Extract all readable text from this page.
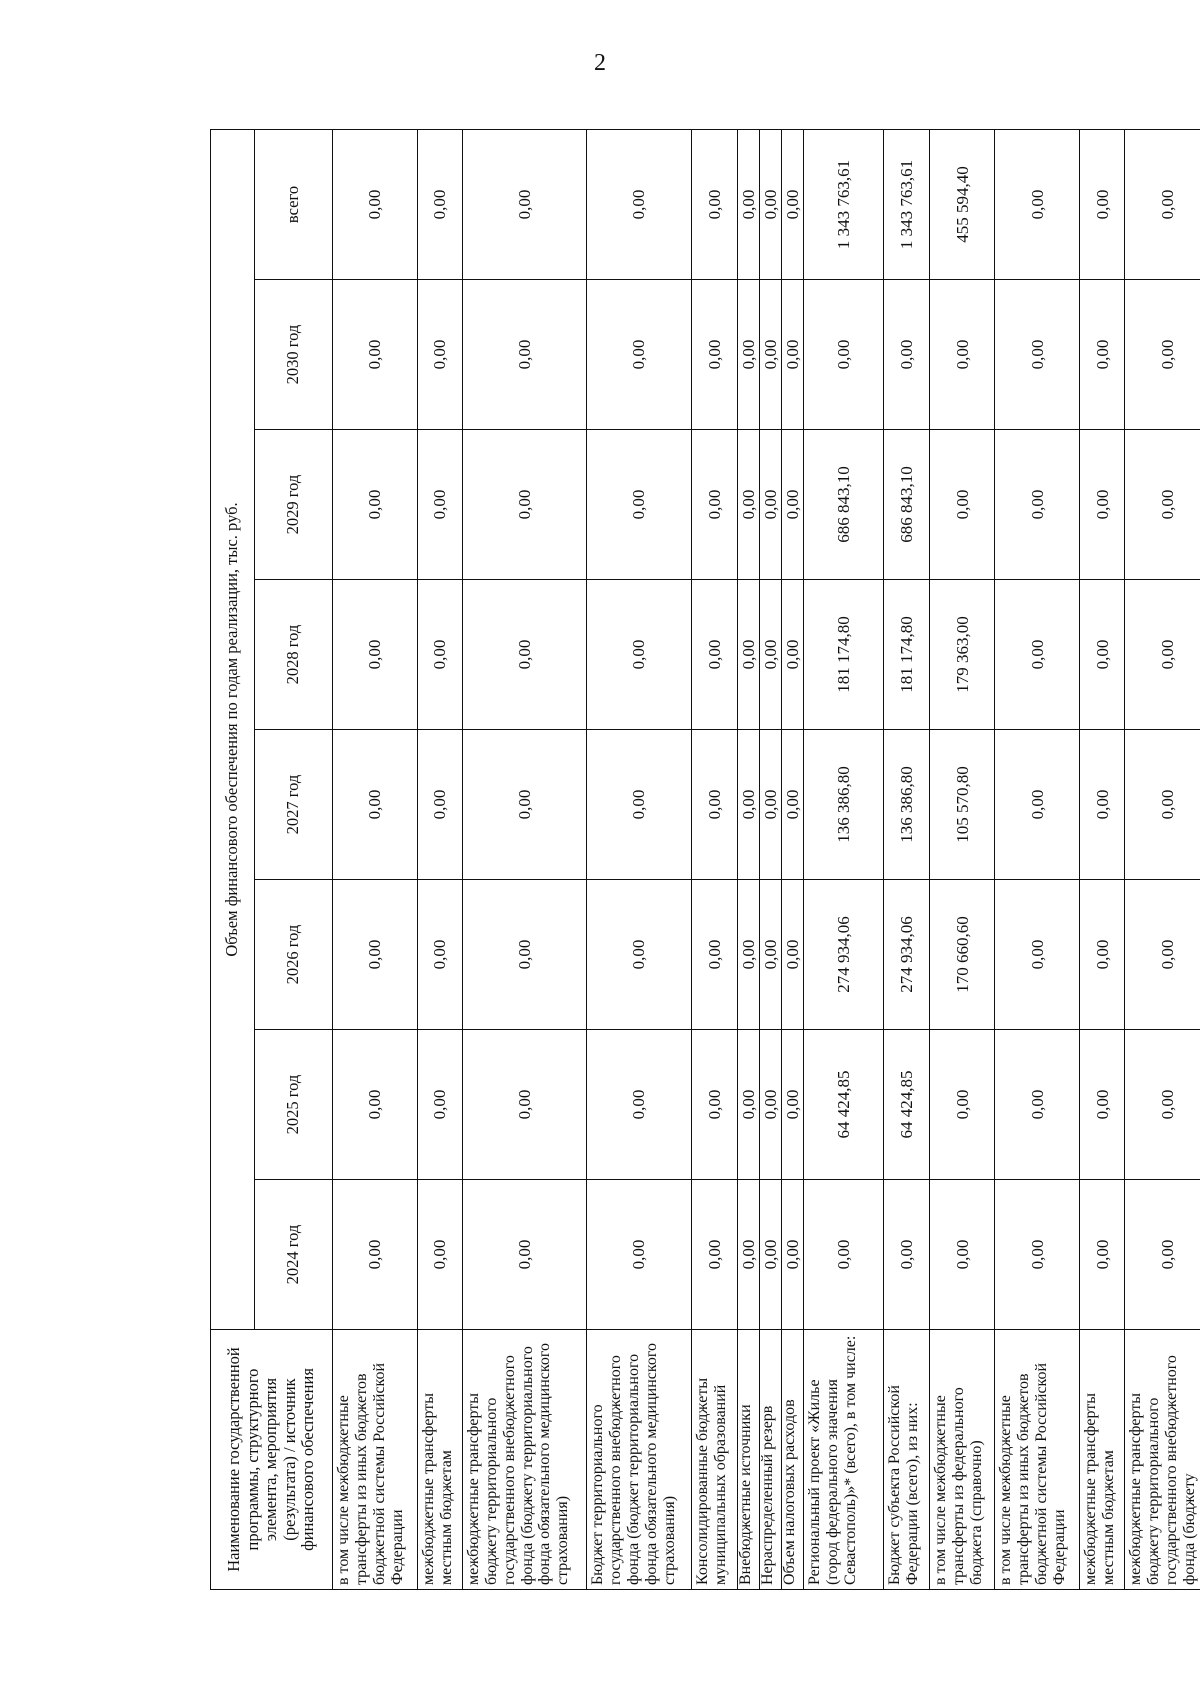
2
Наименование государственной программы, структурного элемента, мероприятия (результата) / источник финансового обеспечения	Объем финансового обеспечения по годам реализации, тыс. руб.							
	2024 год	2025 год	2026 год	2027 год	2028 год	2029 год	2030 год	всего
в том числе межбюджетные трансферты из иных бюджетов бюджетной системы Российской Федерации	0,00	0,00	0,00	0,00	0,00	0,00	0,00	0,00
межбюджетные трансферты местным бюджетам	0,00	0,00	0,00	0,00	0,00	0,00	0,00	0,00
межбюджетные трансферты бюджету территориального государственного внебюджетного фонда (бюджету территориального фонда обязательного медицинского страхования)	0,00	0,00	0,00	0,00	0,00	0,00	0,00	0,00
Бюджет территориального государственного внебюджетного фонда (бюджет территориального фонда обязательного медицинского страхования)	0,00	0,00	0,00	0,00	0,00	0,00	0,00	0,00
Консолидированные бюджеты муниципальных образований	0,00	0,00	0,00	0,00	0,00	0,00	0,00	0,00
Внебюджетные источники	0,00	0,00	0,00	0,00	0,00	0,00	0,00	0,00
Нераспределенный резерв	0,00	0,00	0,00	0,00	0,00	0,00	0,00	0,00
Объем налоговых расходов	0,00	0,00	0,00	0,00	0,00	0,00	0,00	0,00
Региональный проект «Жилье (город федерального значения Севастополь)»* (всего), в том числе:	0,00	64 424,85	274 934,06	136 386,80	181 174,80	686 843,10	0,00	1 343 763,61
Бюджет субъекта Российской Федерации (всего), из них:	0,00	64 424,85	274 934,06	136 386,80	181 174,80	686 843,10	0,00	1 343 763,61
в том числе межбюджетные трансферты из федерального бюджета (справочно)	0,00	0,00	170 660,60	105 570,80	179 363,00	0,00	0,00	455 594,40
в том числе межбюджетные трансферты из иных бюджетов бюджетной системы Российской Федерации	0,00	0,00	0,00	0,00	0,00	0,00	0,00	0,00
межбюджетные трансферты местным бюджетам	0,00	0,00	0,00	0,00	0,00	0,00	0,00	0,00
межбюджетные трансферты бюджету территориального государственного внебюджетного фонда (бюджету	0,00	0,00	0,00	0,00	0,00	0,00	0,00	0,00
